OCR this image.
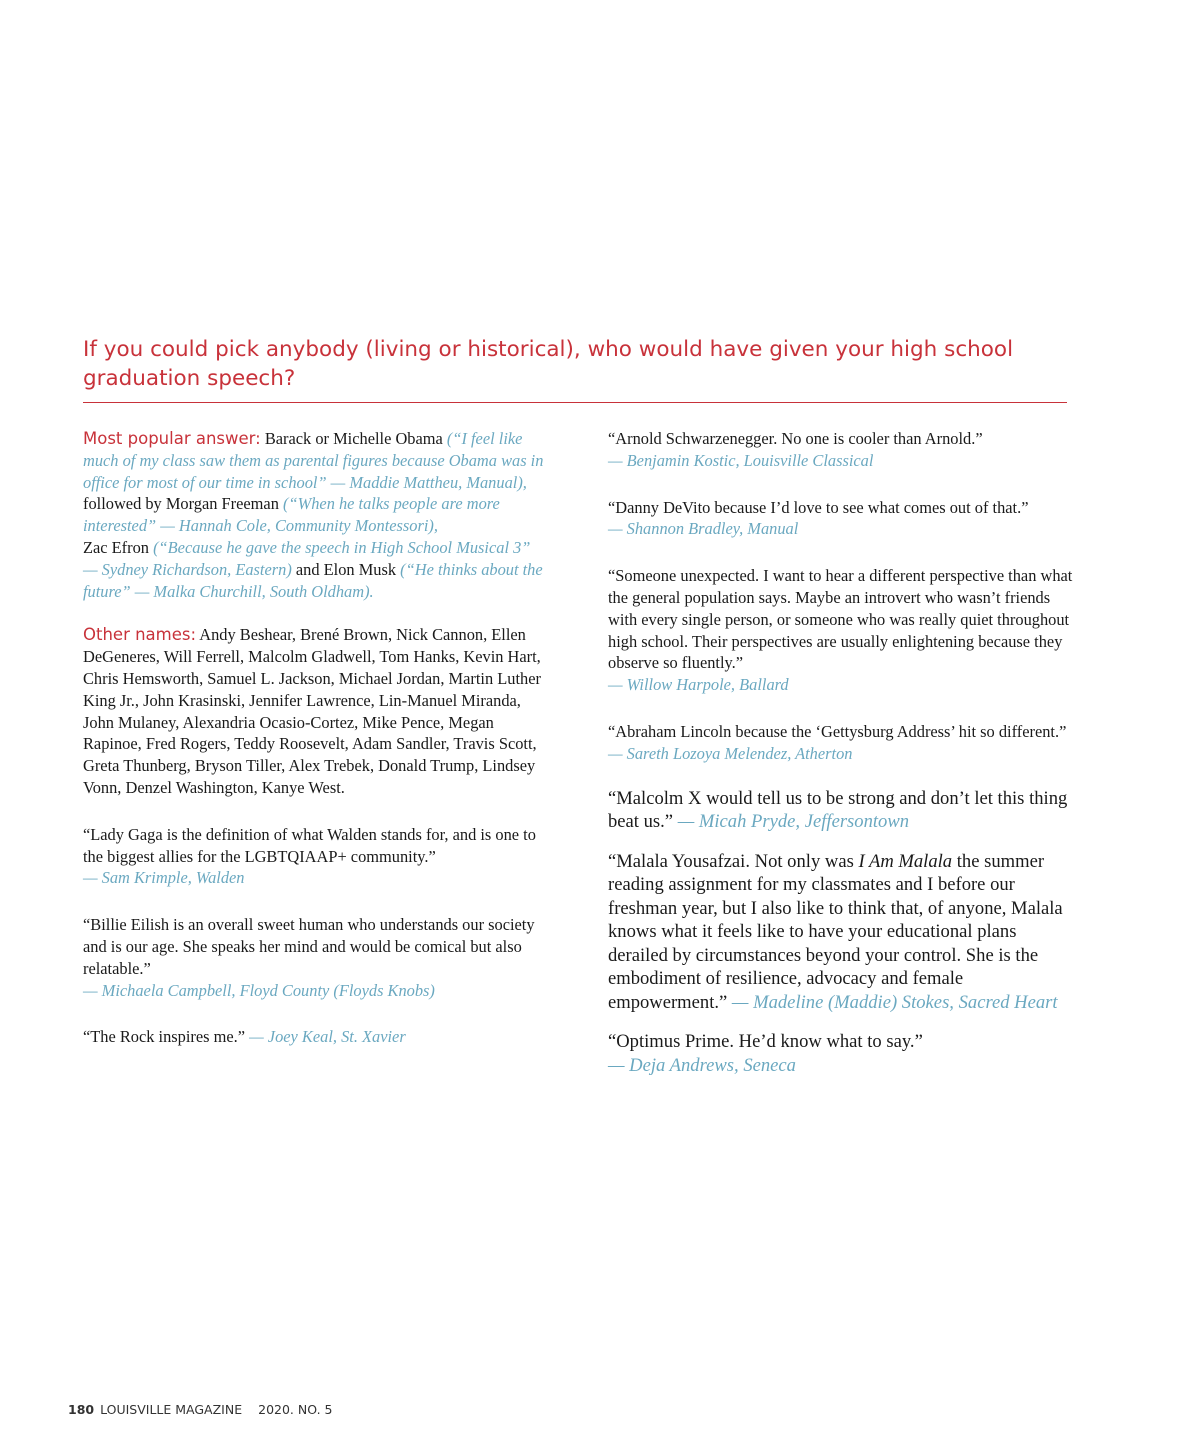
If you could pick anybody (living or historical), who would have given your high school graduation speech?

Most popular answer: Barack or Michelle Obama (“I feel like much of my class saw them as parental figures because Obama was in office for most of our time in school” — Maddie Mattheu, Manual), followed by Morgan Freeman (“When he talks people are more interested” — Hannah Cole, Community Montessori),
Zac Efron (“Because he gave the speech in High School Musical 3” — Sydney Richardson, Eastern) and Elon Musk (“He thinks about the future” — Malka Churchill, South Oldham).

Other names: Andy Beshear, Brené Brown, Nick Cannon, Ellen DeGeneres, Will Ferrell, Malcolm Gladwell, Tom Hanks, Kevin Hart, Chris Hemsworth, Samuel L. Jackson, Michael Jordan, Martin Luther King Jr., John Krasinski, Jennifer Lawrence, Lin-Manuel Miranda, John Mulaney, Alexandria Ocasio-Cortez, Mike Pence, Megan Rapinoe, Fred Rogers, Teddy Roosevelt, Adam Sandler, Travis Scott, Greta Thunberg, Bryson Tiller, Alex Trebek, Donald Trump, Lindsey Vonn, Denzel Washington, Kanye West.

“Lady Gaga is the definition of what Walden stands for, and is one to the biggest allies for the LGBTQIAAP+ community.”
— Sam Krimple, Walden

“Billie Eilish is an overall sweet human who understands our society and is our age. She speaks her mind and would be comical but also relatable.”
— Michaela Campbell, Floyd County (Floyds Knobs)

“The Rock inspires me.” — Joey Keal, St. Xavier

“Arnold Schwarzenegger. No one is cooler than Arnold.”
— Benjamin Kostic, Louisville Classical

“Danny DeVito because I’d love to see what comes out of that.”
— Shannon Bradley, Manual

“Someone unexpected. I want to hear a different perspective than what the general population says. Maybe an introvert who wasn’t friends with every single person, or someone who was really quiet throughout high school. Their perspectives are usually enlightening because they observe so fluently.”
— Willow Harpole, Ballard

“Abraham Lincoln because the ‘Gettysburg Address’ hit so different.” — Sareth Lozoya Melendez, Atherton

“Malcolm X would tell us to be strong and don’t let this thing beat us.” — Micah Pryde, Jeffersontown

“Malala Yousafzai. Not only was I Am Malala the summer reading assignment for my classmates and I before our freshman year, but I also like to think that, of anyone, Malala knows what it feels like to have your educational plans derailed by circumstances beyond your control. She is the embodiment of resilience, advocacy and female empowerment.” — Madeline (Maddie) Stokes, Sacred Heart

“Optimus Prime. He’d know what to say.”
— Deja Andrews, Seneca

180 LOUISVILLE MAGAZINE 2020. NO. 5
